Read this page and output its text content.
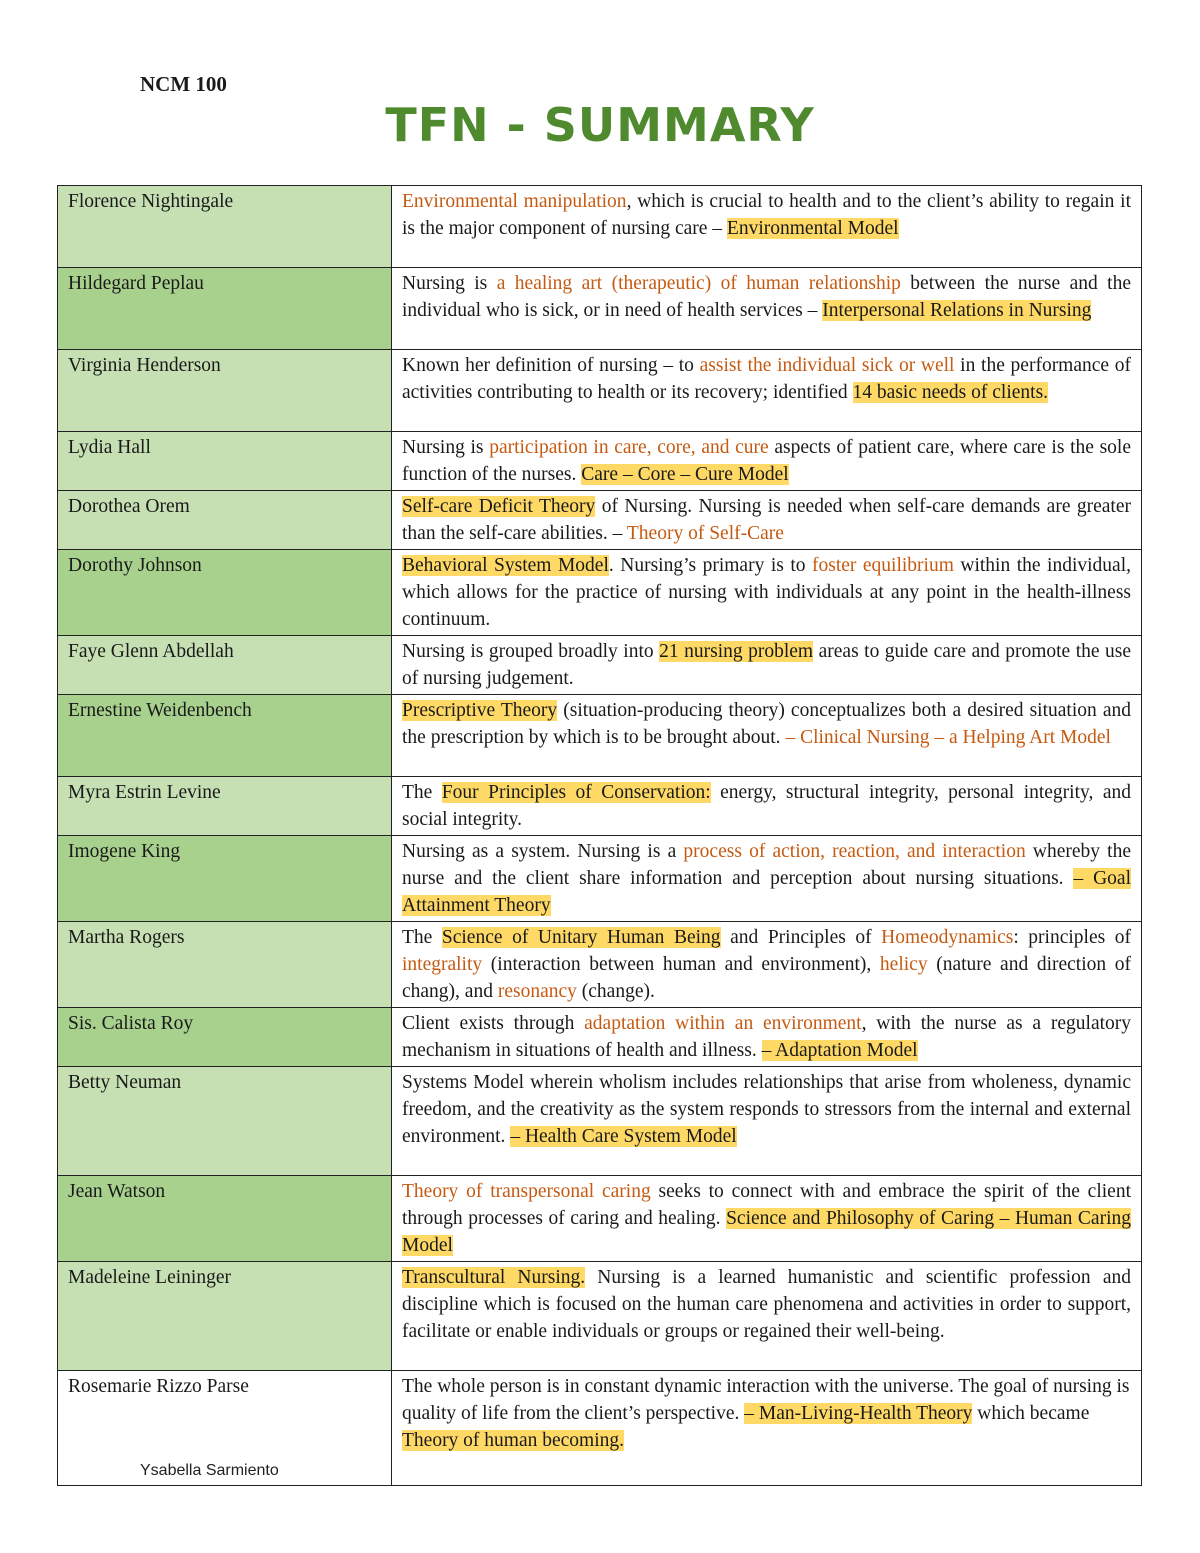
NCM 100
TFN - SUMMARY
Florence Nightingale	Environmental manipulation, which is crucial to health and to the client’s ability to regain it is the major component of nursing care – Environmental Model
Hildegard Peplau	Nursing is a healing art (therapeutic) of human relationship between the nurse and the individual who is sick, or in need of health services – Interpersonal Relations in Nursing
Virginia Henderson	Known her definition of nursing – to assist the individual sick or well in the performance of activities contributing to health or its recovery; identified 14 basic needs of clients.
Lydia Hall	Nursing is participation in care, core, and cure aspects of patient care, where care is the sole function of the nurses. Care – Core – Cure Model
Dorothea Orem	Self-care Deficit Theory of Nursing. Nursing is needed when self-care demands are greater than the self-care abilities. – Theory of Self-Care
Dorothy Johnson	Behavioral System Model. Nursing’s primary is to foster equilibrium within the individual, which allows for the practice of nursing with individuals at any point in the health-illness continuum.
Faye Glenn Abdellah	Nursing is grouped broadly into 21 nursing problem areas to guide care and promote the use of nursing judgement.
Ernestine Weidenbench	Prescriptive Theory (situation-producing theory) conceptualizes both a desired situation and the prescription by which is to be brought about. – Clinical Nursing – a Helping Art Model
Myra Estrin Levine	The Four Principles of Conservation: energy, structural integrity, personal integrity, and social integrity.
Imogene King	Nursing as a system. Nursing is a process of action, reaction, and interaction whereby the nurse and the client share information and perception about nursing situations. – Goal Attainment Theory
Martha Rogers	The Science of Unitary Human Being and Principles of Homeodynamics: principles of integrality (interaction between human and environment), helicy (nature and direction of chang), and resonancy (change).
Sis. Calista Roy	Client exists through adaptation within an environment, with the nurse as a regulatory mechanism in situations of health and illness. – Adaptation Model
Betty Neuman	Systems Model wherein wholism includes relationships that arise from wholeness, dynamic freedom, and the creativity as the system responds to stressors from the internal and external environment. – Health Care System Model
Jean Watson	Theory of transpersonal caring seeks to connect with and embrace the spirit of the client through processes of caring and healing. Science and Philosophy of Caring – Human Caring Model
Madeleine Leininger	Transcultural Nursing. Nursing is a learned humanistic and scientific profession and discipline which is focused on the human care phenomena and activities in order to support, facilitate or enable individuals or groups or regained their well-being.
Rosemarie Rizzo Parse	The whole person is in constant dynamic interaction with the universe. The goal of nursing is quality of life from the client’s perspective. – Man-Living-Health Theory which became Theory of human becoming.
Ysabella Sarmiento
